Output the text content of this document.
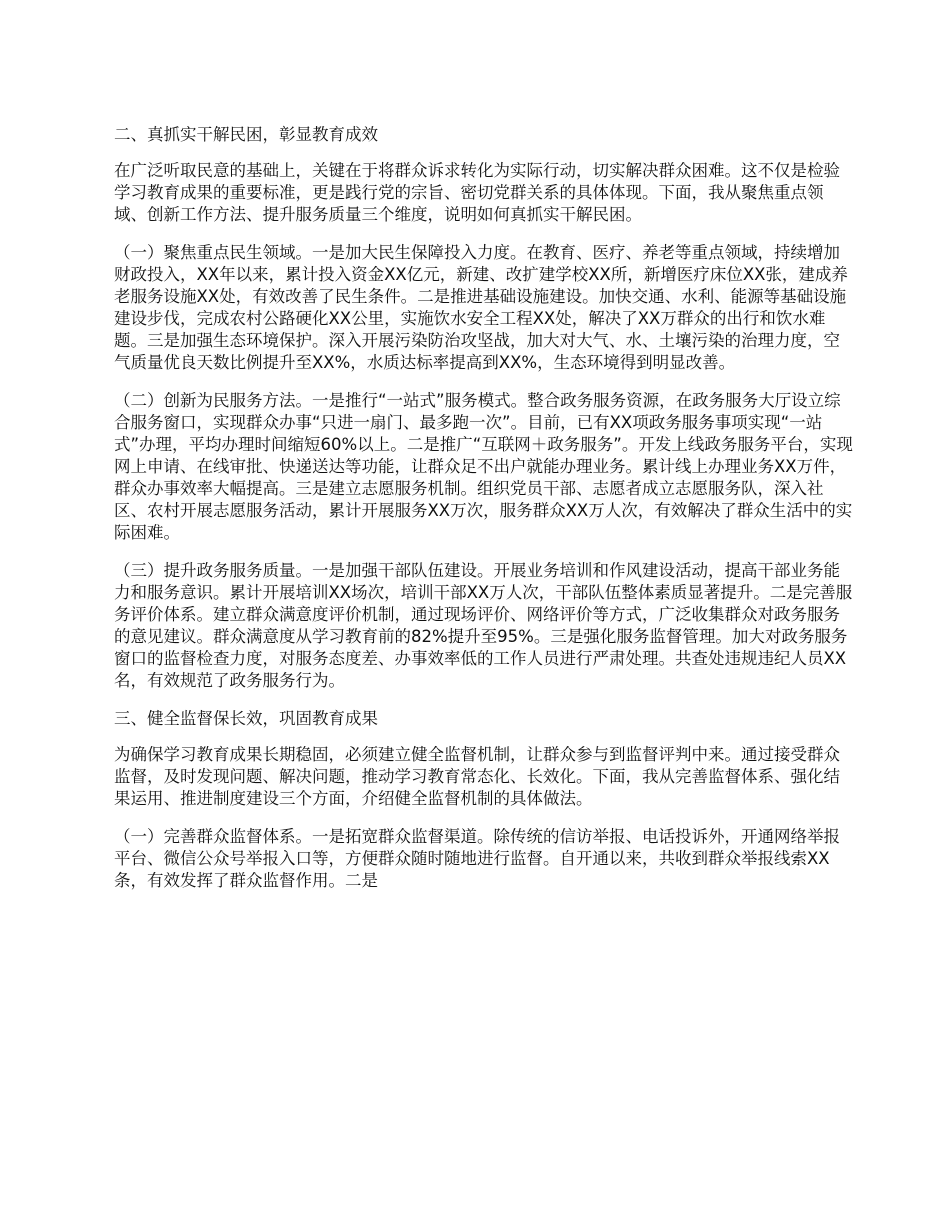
二、真抓实干解民困，彰显教育成效

在广泛听取民意的基础上，关键在于将群众诉求转化为实际行动，切实解决群众困难。这不仅是检验学习教育成果的重要标准，更是践行党的宗旨、密切党群关系的具体体现。下面，我从聚焦重点领域、创新工作方法、提升服务质量三个维度，说明如何真抓实干解民困。

（一）聚焦重点民生领域。一是加大民生保障投入力度。在教育、医疗、养老等重点领域，持续增加财政投入，XX年以来，累计投入资金XX亿元，新建、改扩建学校XX所，新增医疗床位XX张，建成养老服务设施XX处，有效改善了民生条件。二是推进基础设施建设。加快交通、水利、能源等基础设施建设步伐，完成农村公路硬化XX公里，实施饮水安全工程XX处，解决了XX万群众的出行和饮水难题。三是加强生态环境保护。深入开展污染防治攻坚战，加大对大气、水、土壤污染的治理力度，空气质量优良天数比例提升至XX%，水质达标率提高到XX%，生态环境得到明显改善。

（二）创新为民服务方法。一是推行“一站式”服务模式。整合政务服务资源，在政务服务大厅设立综合服务窗口，实现群众办事“只进一扇门、最多跑一次”。目前，已有XX项政务服务事项实现“一站式”办理，平均办理时间缩短60%以上。二是推广“互联网＋政务服务”。开发上线政务服务平台，实现网上申请、在线审批、快递送达等功能，让群众足不出户就能办理业务。累计线上办理业务XX万件，群众办事效率大幅提高。三是建立志愿服务机制。组织党员干部、志愿者成立志愿服务队，深入社区、农村开展志愿服务活动，累计开展服务XX万次，服务群众XX万人次，有效解决了群众生活中的实际困难。

（三）提升政务服务质量。一是加强干部队伍建设。开展业务培训和作风建设活动，提高干部业务能力和服务意识。累计开展培训XX场次，培训干部XX万人次，干部队伍整体素质显著提升。二是完善服务评价体系。建立群众满意度评价机制，通过现场评价、网络评价等方式，广泛收集群众对政务服务的意见建议。群众满意度从学习教育前的82%提升至95%。三是强化服务监督管理。加大对政务服务窗口的监督检查力度，对服务态度差、办事效率低的工作人员进行严肃处理。共查处违规违纪人员XX名，有效规范了政务服务行为。

三、健全监督保长效，巩固教育成果

为确保学习教育成果长期稳固，必须建立健全监督机制，让群众参与到监督评判中来。通过接受群众监督，及时发现问题、解决问题，推动学习教育常态化、长效化。下面，我从完善监督体系、强化结果运用、推进制度建设三个方面，介绍健全监督机制的具体做法。

（一）完善群众监督体系。一是拓宽群众监督渠道。除传统的信访举报、电话投诉外，开通网络举报平台、微信公众号举报入口等，方便群众随时随地进行监督。自开通以来，共收到群众举报线索XX条，有效发挥了群众监督作用。二是
